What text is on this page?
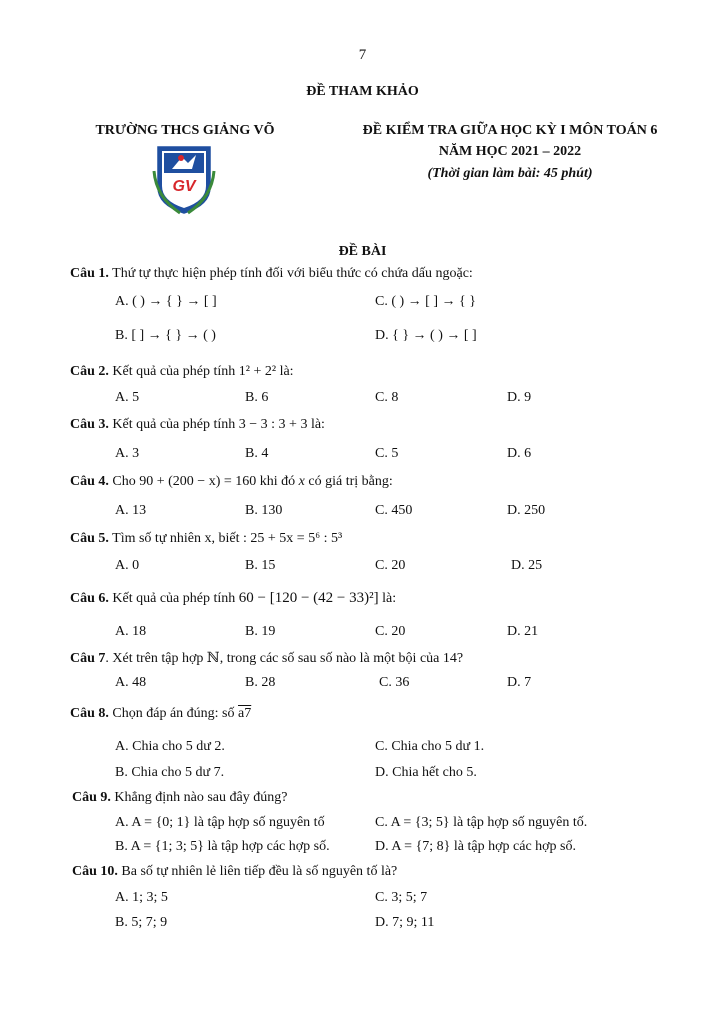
7
ĐỀ THAM KHẢO
TRƯỜNG THCS GIẢNG VÕ	ĐỀ KIỂM TRA GIỮA HỌC KỲ I MÔN TOÁN 6
NĂM HỌC 2021 – 2022
(Thời gian làm bài: 45 phút)
GV
ĐỀ BÀI
Câu 1. Thứ tự thực hiện phép tính đối với biểu thức có chứa dấu ngoặc:
A. ( ) → { } → [ ]	C. ( ) → [ ] → { }
B. [ ] → { } → ( )	D. { } → ( ) → [ ]
Câu 2. Kết quả của phép tính 1² + 2² là:
A. 5	B. 6	C. 8	D. 9
Câu 3. Kết quả của phép tính 3 − 3 : 3 + 3 là:
A. 3	B. 4	C. 5	D. 6
Câu 4. Cho 90 + (200 − x) = 160 khi đó x có giá trị bằng:
A. 13	B. 130	C. 450	D. 250
Câu 5. Tìm số tự nhiên x, biết : 25 + 5x = 5⁶ : 5³
A. 0	B. 15	C. 20	D. 25
Câu 6. Kết quả của phép tính 60 − [120 − (42 − 33)²] là:
A. 18	B. 19	C. 20	D. 21
Câu 7. Xét trên tập hợp ℕ, trong các số sau số nào là một bội của 14?
A. 48	B. 28	C. 36	D. 7
Câu 8. Chọn đáp án đúng: số a7
A. Chia cho 5 dư 2.	C. Chia cho 5 dư 1.
B. Chia cho 5 dư 7.	D. Chia hết cho 5.
Câu 9. Khẳng định nào sau đây đúng?
A. A = {0; 1} là tập hợp số nguyên tố	C. A = {3; 5} là tập hợp số nguyên tố.
B. A = {1; 3; 5} là tập hợp các hợp số.	D. A = {7; 8} là tập hợp các hợp số.
Câu 10. Ba số tự nhiên lẻ liên tiếp đều là số nguyên tố là?
A. 1; 3; 5	C. 3; 5; 7
B. 5; 7; 9	D. 7; 9; 11
